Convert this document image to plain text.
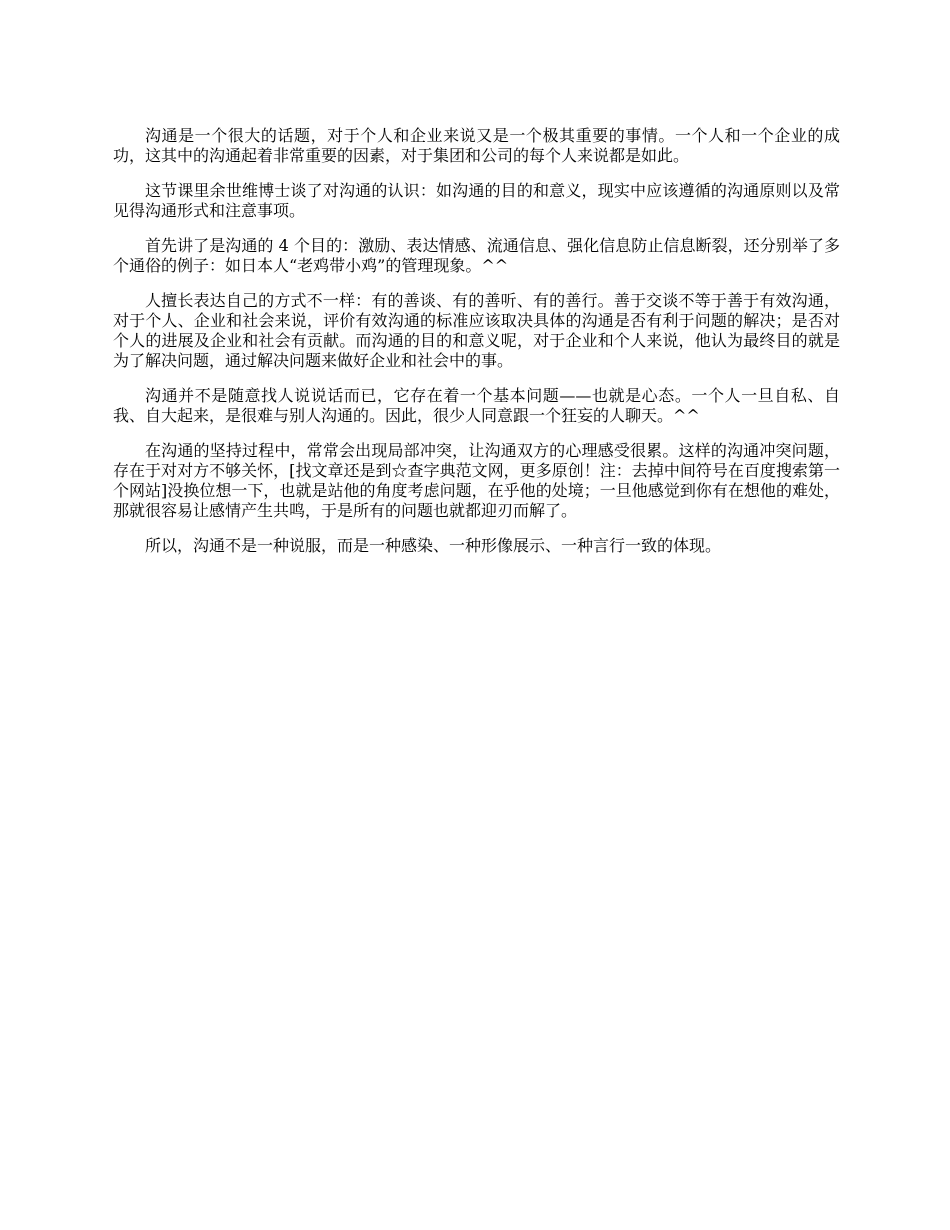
沟通是一个很大的话题，对于个人和企业来说又是一个极其重要的事情。一个人和一个企业的成功，这其中的沟通起着非常重要的因素，对于集团和公司的每个人来说都是如此。

这节课里余世维博士谈了对沟通的认识：如沟通的目的和意义，现实中应该遵循的沟通原则以及常见得沟通形式和注意事项。

首先讲了是沟通的 4 个目的：激励、表达情感、流通信息、强化信息防止信息断裂，还分别举了多个通俗的例子：如日本人“老鸡带小鸡”的管理现象。^^

人擅长表达自己的方式不一样：有的善谈、有的善听、有的善行。善于交谈不等于善于有效沟通，对于个人、企业和社会来说，评价有效沟通的标准应该取决具体的沟通是否有利于问题的解决；是否对个人的进展及企业和社会有贡献。而沟通的目的和意义呢，对于企业和个人来说，他认为最终目的就是为了解决问题，通过解决问题来做好企业和社会中的事。

沟通并不是随意找人说说话而已，它存在着一个基本问题——也就是心态。一个人一旦自私、自我、自大起来，是很难与别人沟通的。因此，很少人同意跟一个狂妄的人聊天。^^

在沟通的坚持过程中，常常会出现局部冲突，让沟通双方的心理感受很累。这样的沟通冲突问题，存在于对对方不够关怀，[找文章还是到☆查字典范文网，更多原创！注：去掉中间符号在百度搜索第一个网站]没换位想一下，也就是站他的角度考虑问题，在乎他的处境；一旦他感觉到你有在想他的难处，那就很容易让感情产生共鸣，于是所有的问题也就都迎刃而解了。

所以，沟通不是一种说服，而是一种感染、一种形像展示、一种言行一致的体现。
